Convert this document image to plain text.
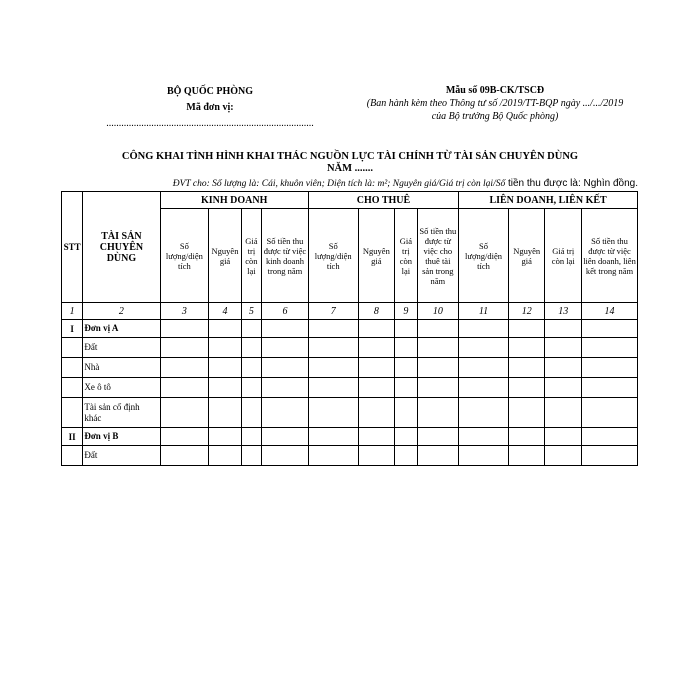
BỘ QUỐC PHÒNG
Mã đơn vị:
...................................................................................
Mẫu số 09B-CK/TSCĐ
(Ban hành kèm theo Thông tư số /2019/TT-BQP ngày .../.../2019
của Bộ trưởng Bộ Quốc phòng)
CÔNG KHAI TÌNH HÌNH KHAI THÁC NGUỒN LỰC TÀI CHÍNH TỪ TÀI SẢN CHUYÊN DÙNG
NĂM .......
ĐVT cho: Số lượng là: Cái, khuôn viên; Diện tích là: m²; Nguyên giá/Giá trị còn lại/Số tiền thu được là: Nghìn đồng.
STT	TÀI SẢN CHUYÊN DÙNG	KINH DOANH				CHO THUÊ				LIÊN DOANH, LIÊN KẾT			
		Số lượng/diện tích	Nguyên giá	Giá trị còn lại	Số tiền thu được từ việc kinh doanh trong năm	Số lượng/diện tích	Nguyên giá	Giá trị còn lại	Số tiền thu được từ việc cho thuê tài sản trong năm	Số lượng/diện tích	Nguyên giá	Giá trị còn lại	Số tiền thu được từ việc liên doanh, liên kết trong năm
1	2	3	4	5	6	7	8	9	10	11	12	13	14
I	Đơn vị A												
	Đất												
	Nhà												
	Xe ô tô												
	Tài sản cố định khác												
II	Đơn vị B												
	Đất												
